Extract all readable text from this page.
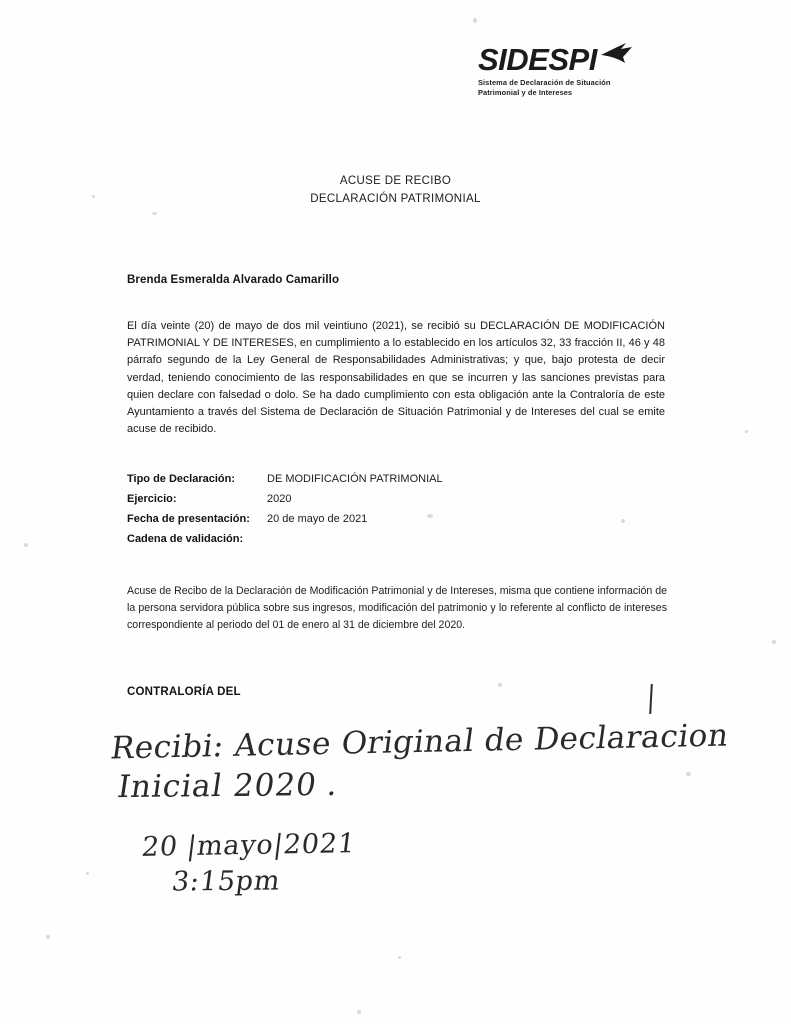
SIDESPI
Sistema de Declaración de Situación
Patrimonial y de Intereses
ACUSE DE RECIBO
DECLARACIÓN PATRIMONIAL
Brenda Esmeralda Alvarado Camarillo
El día veinte (20) de mayo de dos mil veintiuno (2021), se recibió su DECLARACIÓN DE MODIFICACIÓN PATRIMONIAL Y DE INTERESES, en cumplimiento a lo establecido en los artículos 32, 33 fracción II, 46 y 48 párrafo segundo de la Ley General de Responsabilidades Administrativas; y que, bajo protesta de decir verdad, teniendo conocimiento de las responsabilidades en que se incurren y las sanciones previstas para quien declare con falsedad o dolo. Se ha dado cumplimiento con esta obligación ante la Contraloría de este Ayuntamiento a través del Sistema de Declaración de Situación Patrimonial y de Intereses del cual se emite acuse de recibido.
Tipo de Declaración:	DE MODIFICACIÓN PATRIMONIAL
Ejercicio:	2020
Fecha de presentación:	20 de mayo de 2021
Cadena de validación:
Acuse de Recibo de la Declaración de Modificación Patrimonial y de Intereses, misma que contiene información de la persona servidora pública sobre sus ingresos, modificación del patrimonio y lo referente al conflicto de intereses correspondiente al periodo del 01 de enero al 31 de diciembre del 2020.
CONTRALORÍA DEL
Recibi: Acuse Original de Declaracion
Inicial 2020 .
20 |mayo|2021
3:15pm
